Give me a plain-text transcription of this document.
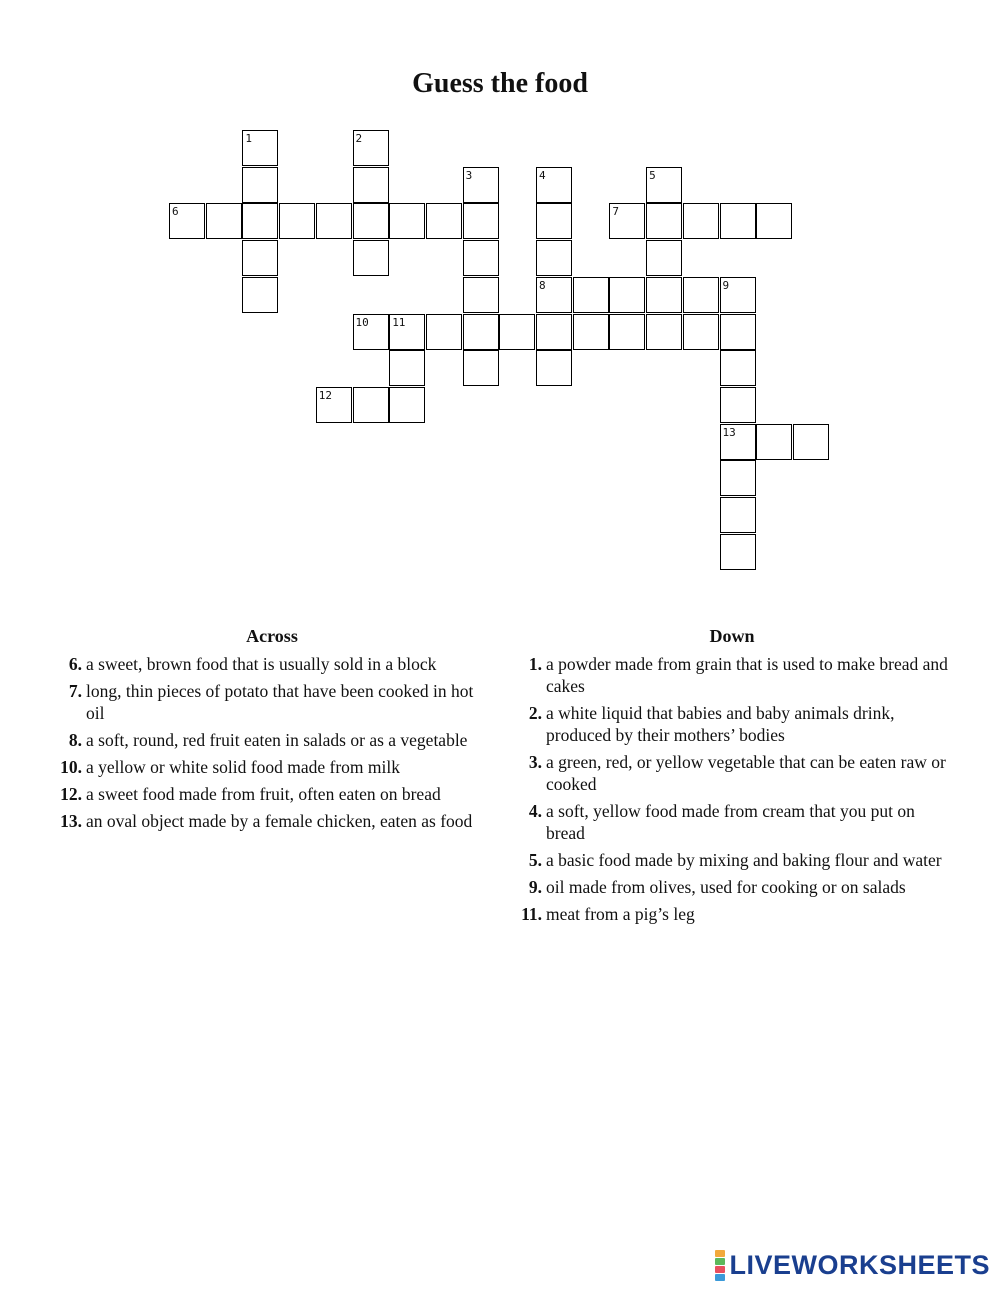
Guess the food
1	2
3	4	5
6	7
8	9
10 11
12
13
Across
6. a sweet, brown food that is usually sold in a block
7. long, thin pieces of potato that have been cooked in hot oil
8. a soft, round, red fruit eaten in salads or as a vegetable
10. a yellow or white solid food made from milk
12. a sweet food made from fruit, often eaten on bread
13. an oval object made by a female chicken, eaten as food
Down
1. a powder made from grain that is used to make bread and cakes
2. a white liquid that babies and baby animals drink, produced by their mothers’ bodies
3. a green, red, or yellow vegetable that can be eaten raw or cooked
4. a soft, yellow food made from cream that you put on bread
5. a basic food made by mixing and baking flour and water
9. oil made from olives, used for cooking or on salads
11. meat from a pig’s leg
LIVEWORKSHEETS
